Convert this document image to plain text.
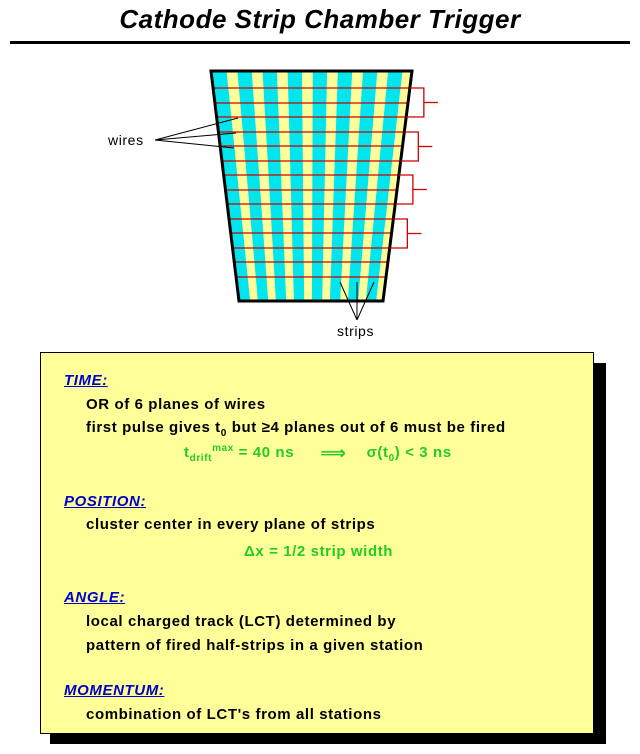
Cathode Strip Chamber Trigger
wires
strips
TIME:
OR of 6 planes of wires
first pulse gives $t_0$ but ≥4 planes out of 6 must be fired
$t_{drift}^{max} = 40$ ns ⟹ $\sigma(t_0) < 3$ ns
POSITION:
cluster center in every plane of strips
Δx = 1/2 strip width
ANGLE:
local charged track (LCT) determined by
pattern of fired half-strips in a given station
MOMENTUM:
combination of LCT's from all stations
